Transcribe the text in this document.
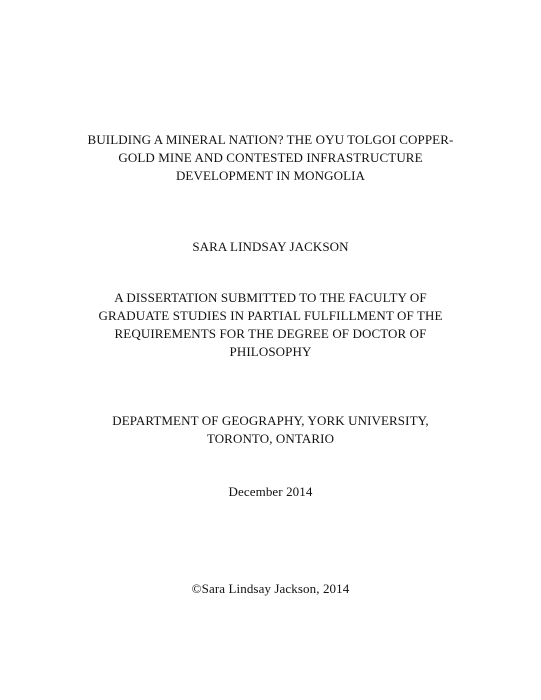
BUILDING A MINERAL NATION? THE OYU TOLGOI COPPER-
GOLD MINE AND CONTESTED INFRASTRUCTURE
DEVELOPMENT IN MONGOLIA
SARA LINDSAY JACKSON
A DISSERTATION SUBMITTED TO THE FACULTY OF
GRADUATE STUDIES IN PARTIAL FULFILLMENT OF THE
REQUIREMENTS FOR THE DEGREE OF DOCTOR OF
PHILOSOPHY
DEPARTMENT OF GEOGRAPHY, YORK UNIVERSITY,
TORONTO, ONTARIO
December 2014
©Sara Lindsay Jackson, 2014
